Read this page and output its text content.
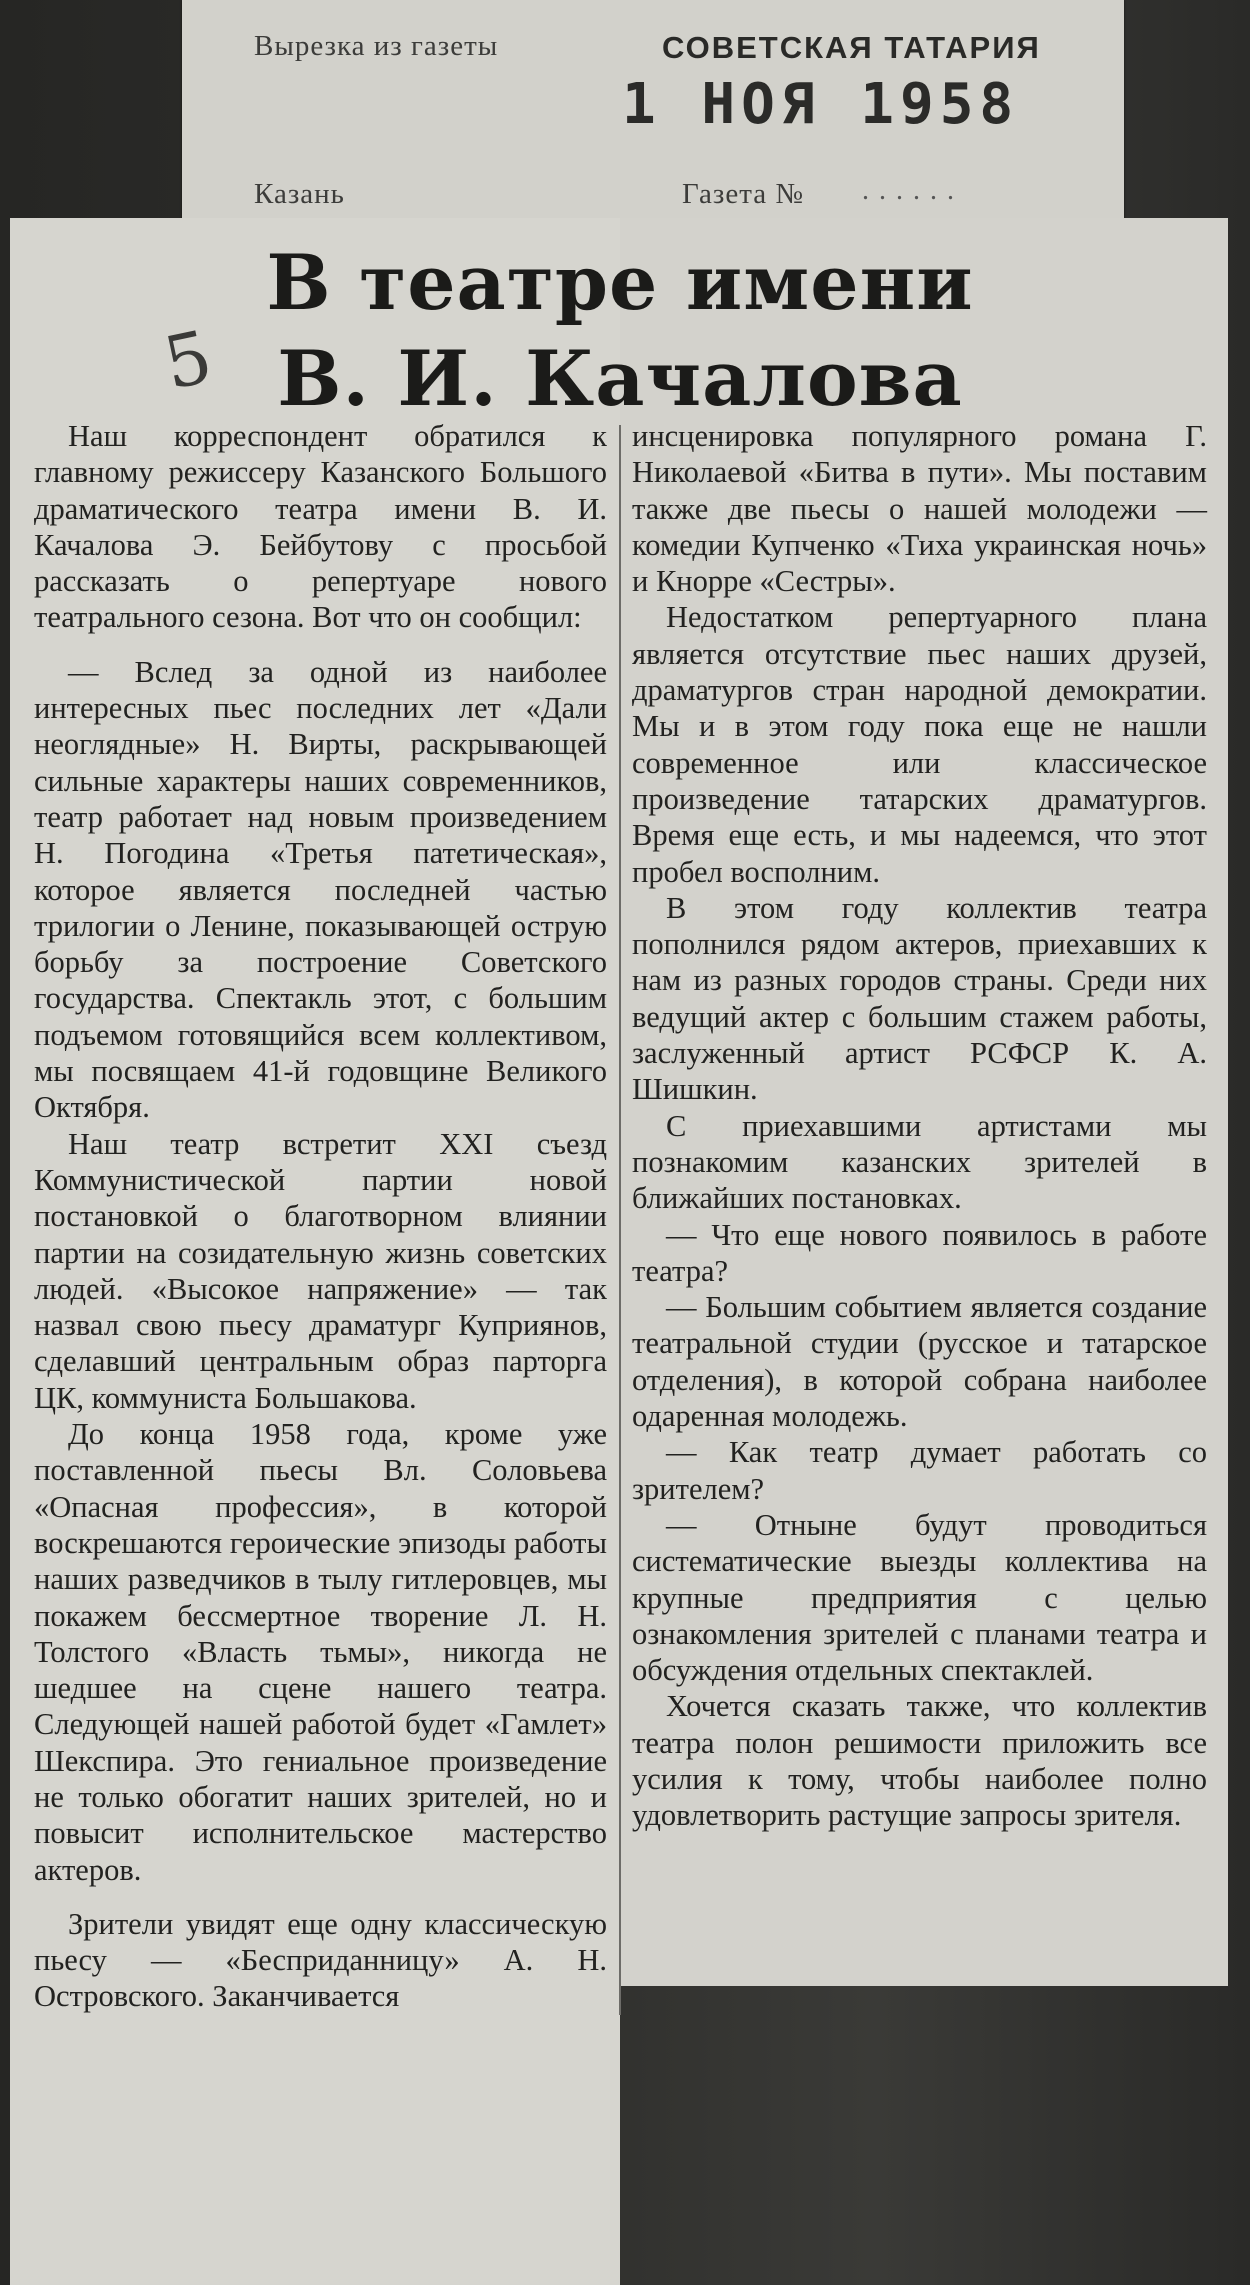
Вырезка из газеты	СОВЕТСКАЯ ТАТАРИЯ
1 НОЯ 1958
Казань	Газета № ......
В театре имени
В. И. Качалова
5

Наш корреспондент обратился к главному режиссеру Казанского Большого драматического театра имени В. И. Качалова Э. Бейбутову с просьбой рассказать о репертуаре нового театрального сезона. Вот что он сообщил:

— Вслед за одной из наиболее интересных пьес последних лет «Дали неоглядные» Н. Вирты, раскрывающей сильные характеры наших современников, театр работает над новым произведением Н. Погодина «Третья патетическая», которое является последней частью трилогии о Ленине, показывающей острую борьбу за построение Советского государства. Спектакль этот, с большим подъемом готовящийся всем коллективом, мы посвящаем 41-й годовщине Великого Октября.

Наш театр встретит XXI съезд Коммунистической партии новой постановкой о благотворном влиянии партии на созидательную жизнь советских людей. «Высокое напряжение» — так назвал свою пьесу драматург Куприянов, сделавший центральным образ парторга ЦК, коммуниста Большакова.

До конца 1958 года, кроме уже поставленной пьесы Вл. Соловьева «Опасная профессия», в которой воскрешаются героические эпизоды работы наших разведчиков в тылу гитлеровцев, мы покажем бессмертное творение Л. Н. Толстого «Власть тьмы», никогда не шедшее на сцене нашего театра. Следующей нашей работой будет «Гамлет» Шекспира. Это гениальное произведение не только обогатит наших зрителей, но и повысит исполнительское мастерство актеров.

Зрители увидят еще одну классическую пьесу — «Бесприданницу» А. Н. Островского. Заканчивается

инсценировка популярного романа Г. Николаевой «Битва в пути». Мы поставим также две пьесы о нашей молодежи — комедии Купченко «Тиха украинская ночь» и Кнорре «Сестры».

Недостатком репертуарного плана является отсутствие пьес наших друзей, драматургов стран народной демократии. Мы и в этом году пока еще не нашли современное или классическое произведение татарских драматургов. Время еще есть, и мы надеемся, что этот пробел восполним.

В этом году коллектив театра пополнился рядом актеров, приехавших к нам из разных городов страны. Среди них ведущий актер с большим стажем работы, заслуженный артист РСФСР К. А. Шишкин.

С приехавшими артистами мы познакомим казанских зрителей в ближайших постановках.

— Что еще нового появилось в работе театра?

— Большим событием является создание театральной студии (русское и татарское отделения), в которой собрана наиболее одаренная молодежь.

— Как театр думает работать со зрителем?

— Отныне будут проводиться систематические выезды коллектива на крупные предприятия с целью ознакомления зрителей с планами театра и обсуждения отдельных спектаклей.

Хочется сказать также, что коллектив театра полон решимости приложить все усилия к тому, чтобы наиболее полно удовлетворить растущие запросы зрителя.
